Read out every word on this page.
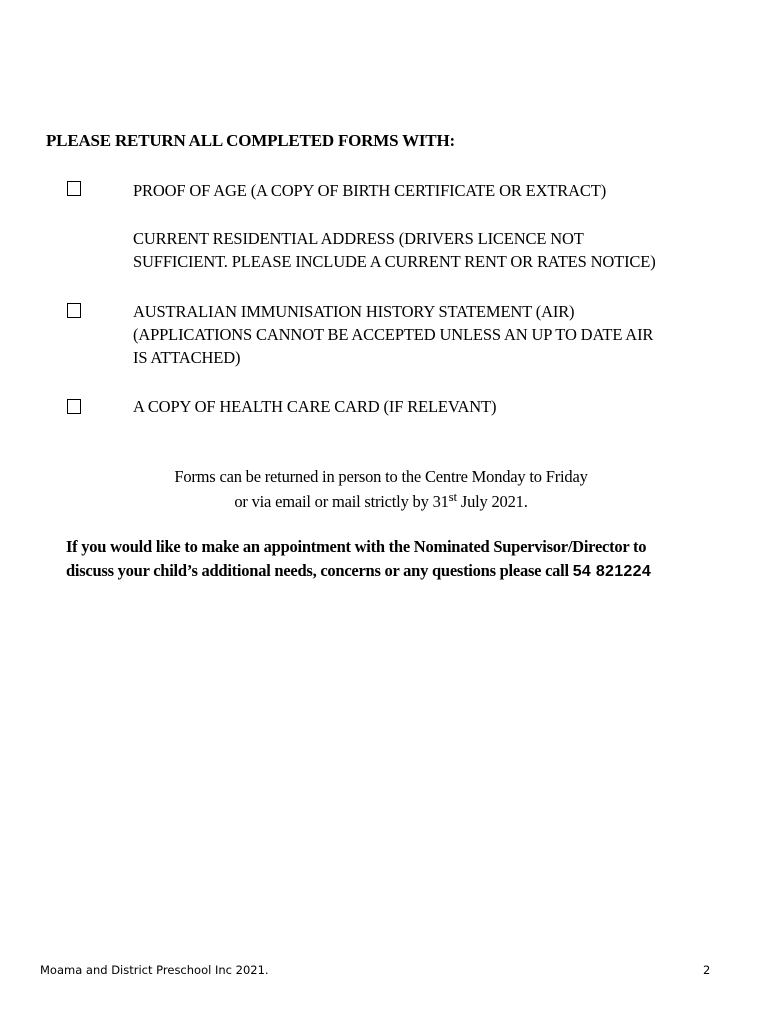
PLEASE RETURN ALL COMPLETED FORMS WITH:
PROOF OF AGE (A COPY OF BIRTH CERTIFICATE OR EXTRACT)
CURRENT RESIDENTIAL ADDRESS (DRIVERS LICENCE NOT
SUFFICIENT. PLEASE INCLUDE A CURRENT RENT OR RATES NOTICE)
AUSTRALIAN IMMUNISATION HISTORY STATEMENT (AIR)
(APPLICATIONS CANNOT BE ACCEPTED UNLESS AN UP TO DATE AIR
IS ATTACHED)
A COPY OF HEALTH CARE CARD (IF RELEVANT)
Forms can be returned in person to the Centre Monday to Friday
or via email or mail strictly by 31st July 2021.
If you would like to make an appointment with the Nominated Supervisor/Director to
discuss your child’s additional needs, concerns or any questions please call 54 821224
Moama and District Preschool Inc 2021.	2
